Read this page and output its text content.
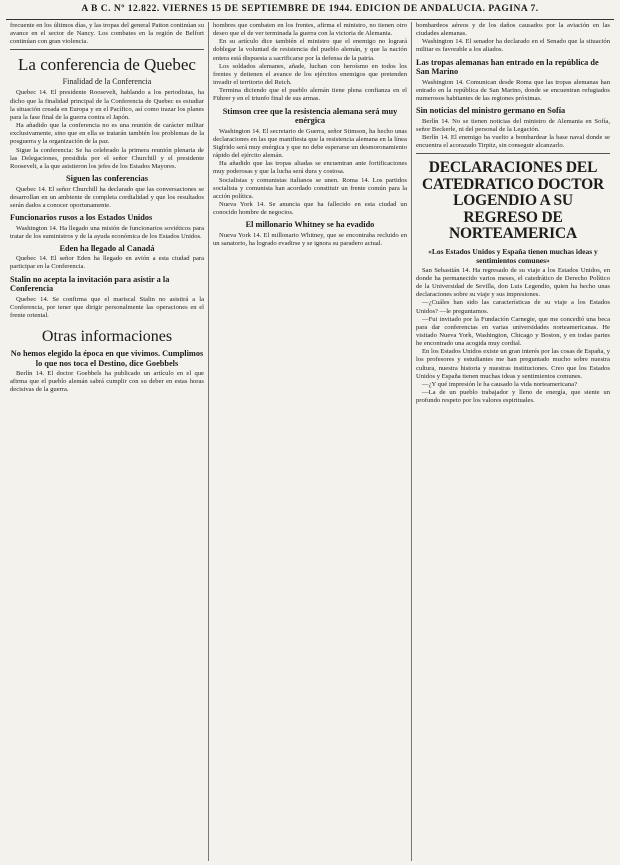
A B C. Nº 12.822. VIERNES 15 DE SEPTIEMBRE DE 1944. EDICION DE ANDALUCIA. PAGINA 7.

frecuente en los últimos días, y las tropas del general Patton continúan su avance en el sector de Nancy. Los combates en la región de Belfort continúan con gran violencia.

La conferencia de Quebec
Finalidad de la Conferencia

Quebec 14. El presidente Roosevelt, hablando a los periodistas, ha dicho que la finalidad principal de la Conferencia de Quebec es estudiar la situación creada en Europa y en el Pacífico, así como trazar los planes para la fase final de la guerra contra el Japón.

Ha añadido que la conferencia no es una reunión de carácter militar exclusivamente, sino que en ella se tratarán también los problemas de la posguerra y la organización de la paz.

Sigue la conferencia: Se ha celebrado la primera reunión plenaria de las Delegaciones, presidida por el señor Churchill y el presidente Roosevelt, a la que asistieron los jefes de los Estados Mayores.

Siguen las conferencias

Quebec 14. El señor Churchill ha declarado que las conversaciones se desarrollan en un ambiente de completa cordialidad y que los resultados serán dados a conocer oportunamente.

Funcionarios rusos a los Estados Unidos

Washington 14. Ha llegado una misión de funcionarios soviéticos para tratar de los suministros y de la ayuda económica de los Estados Unidos.

Eden ha llegado al Canadá

Quebec 14. El señor Eden ha llegado en avión a esta ciudad para participar en la Conferencia.

Stalin no acepta la invitación para asistir a la Conferencia

Quebec 14. Se confirma que el mariscal Stalin no asistirá a la Conferencia, por tener que dirigir personalmente las operaciones en el frente oriental.

Otras informaciones
No hemos elegido la época en que vivimos. Cumplimos lo que nos toca el Destino, dice Goebbels

Berlín 14. El doctor Goebbels ha publicado un artículo en el que afirma que el pueblo alemán sabrá cumplir con su deber en estas horas decisivas de la guerra.

hombres que combaten en los frentes, afirma el ministro, no tienen otro deseo que el de ver terminada la guerra con la victoria de Alemania.

En su artículo dice también el ministro que el enemigo no logrará doblegar la voluntad de resistencia del pueblo alemán, y que la nación entera está dispuesta a sacrificarse por la defensa de la patria.

Los soldados alemanes, añade, luchan con heroísmo en todos los frentes y detienen el avance de los ejércitos enemigos que pretenden invadir el territorio del Reich.

Termina diciendo que el pueblo alemán tiene plena confianza en el Führer y en el triunfo final de sus armas.

Stimson cree que la resistencia alemana será muy enérgica

Washington 14. El secretario de Guerra, señor Stimson, ha hecho unas declaraciones en las que manifiesta que la resistencia alemana en la línea Sigfrido será muy enérgica y que no debe esperarse un desmoronamiento rápido del ejército alemán.

Ha añadido que las tropas aliadas se encuentran ante fortificaciones muy poderosas y que la lucha será dura y costosa.

Socialistas y comunistas italianos se unen. Roma 14. Los partidos socialista y comunista han acordado constituir un frente común para la acción política.

Nueva York 14. Se anuncia que ha fallecido en esta ciudad un conocido hombre de negocios.

El millonario Whitney se ha evadido

Nueva York 14. El millonario Whitney, que se encontraba recluido en un sanatorio, ha logrado evadirse y se ignora su paradero actual.

bombardeos aéreos y de los daños causados por la aviación en las ciudades alemanas.

Washington 14. El senador ha declarado en el Senado que la situación militar es favorable a los aliados.

Las tropas alemanas han entrado en la república de San Marino

Washington 14. Comunican desde Roma que las tropas alemanas han entrado en la república de San Marino, donde se encuentran refugiados numerosos habitantes de las regiones próximas.

Sin noticias del ministro germano en Sofía

Berlín 14. No se tienen noticias del ministro de Alemania en Sofía, señor Beckerle, ni del personal de la Legación.

Berlín 14. El enemigo ha vuelto a bombardear la base naval donde se encuentra el acorazado Tirpitz, sin conseguir alcanzarlo.

DECLARACIONES DEL CATEDRATICO DOCTOR LOGENDIO A SU REGRESO DE NORTEAMERICA
«Los Estados Unidos y España tienen muchas ideas y sentimientos comunes»

San Sebastián 14. Ha regresado de su viaje a los Estados Unidos, en donde ha permanecido varios meses, el catedrático de Derecho Político de la Universidad de Sevilla, don Luis Legendio, quien ha hecho unas declaraciones sobre su viaje y sus impresiones.

—¿Cuáles han sido las características de su viaje a los Estados Unidos? —le preguntamos.

—Fui invitado por la Fundación Carnegie, que me concedió una beca para dar conferencias en varias universidades norteamericanas. He visitado Nueva York, Washington, Chicago y Boston, y en todas partes he encontrado una acogida muy cordial.

En los Estados Unidos existe un gran interés por las cosas de España, y los profesores y estudiantes me han preguntado mucho sobre nuestra cultura, nuestra historia y nuestras instituciones. Creo que los Estados Unidos y España tienen muchas ideas y sentimientos comunes.

—¿Y qué impresión le ha causado la vida norteamericana?

—La de un pueblo trabajador y lleno de energía, que siente un profundo respeto por los valores espirituales.
